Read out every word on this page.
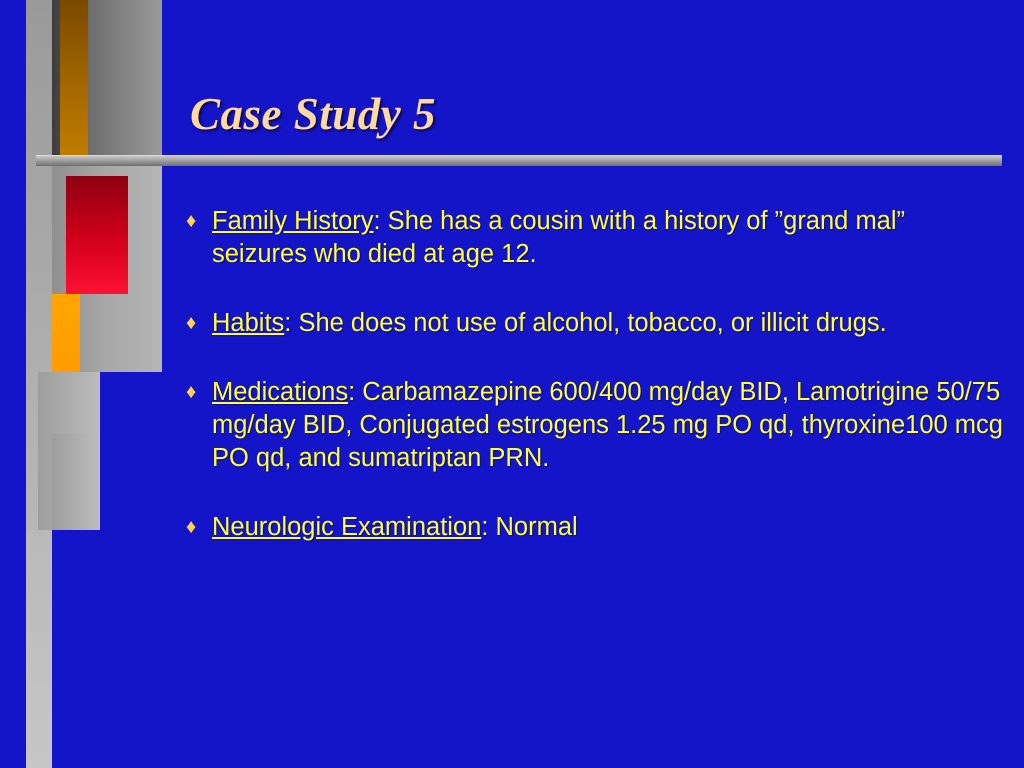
Case Study 5
♦ Family History: She has a cousin with a history of ”grand mal” seizures who died at age 12.
♦ Habits: She does not use of alcohol, tobacco, or illicit drugs.
♦ Medications: Carbamazepine 600/400 mg/day BID, Lamotrigine 50/75 mg/day BID, Conjugated estrogens 1.25 mg PO qd, thyroxine100 mcg PO qd, and sumatriptan PRN.
♦ Neurologic Examination: Normal
